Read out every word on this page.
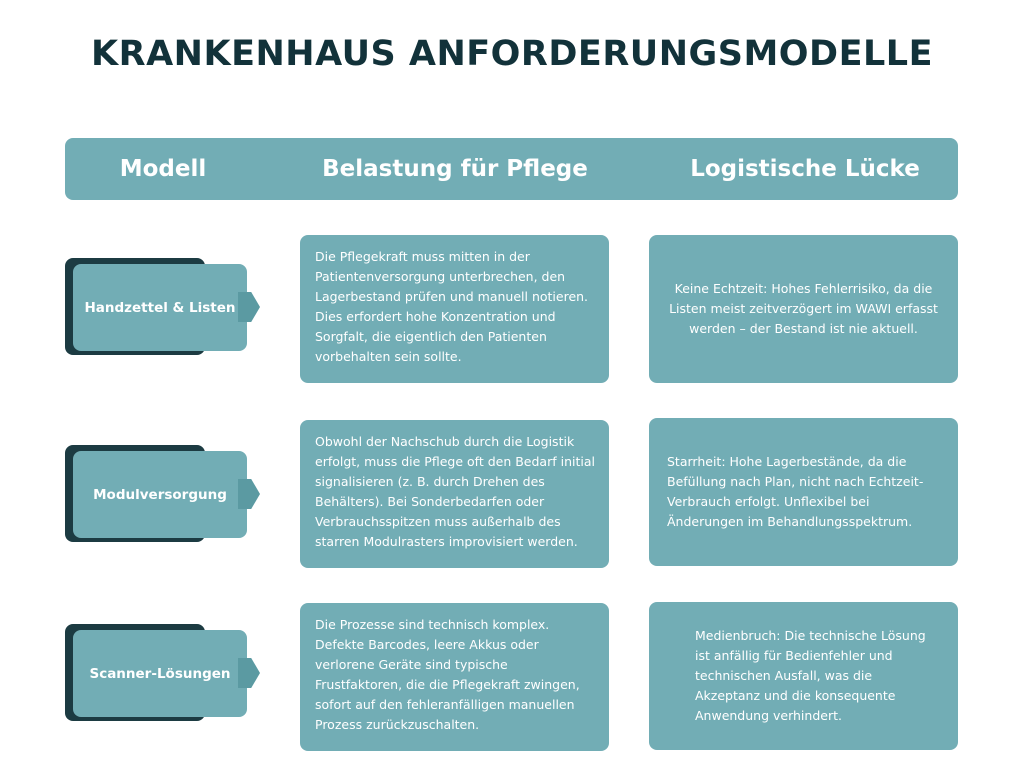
KRANKENHAUS ANFORDERUNGSMODELLE
Modell	Belastung für Pflege	Logistische Lücke
Handzettel & Listen
Die Pflegekraft muss mitten in der Patientenversorgung unterbrechen, den Lagerbestand prüfen und manuell notieren. Dies erfordert hohe Konzentration und Sorgfalt, die eigentlich den Patienten vorbehalten sein sollte.
Keine Echtzeit: Hohes Fehlerrisiko, da die Listen meist zeitverzögert im WAWI erfasst werden – der Bestand ist nie aktuell.
Modulversorgung
Obwohl der Nachschub durch die Logistik erfolgt, muss die Pflege oft den Bedarf initial signalisieren (z. B. durch Drehen des Behälters). Bei Sonderbedarfen oder Verbrauchsspitzen muss außerhalb des starren Modulrasters improvisiert werden.
Starrheit: Hohe Lagerbestände, da die Befüllung nach Plan, nicht nach Echtzeit-Verbrauch erfolgt. Unflexibel bei Änderungen im Behandlungsspektrum.
Scanner-Lösungen
Die Prozesse sind technisch komplex. Defekte Barcodes, leere Akkus oder verlorene Geräte sind typische Frustfaktoren, die die Pflegekraft zwingen, sofort auf den fehleranfälligen manuellen Prozess zurückzuschalten.
Medienbruch: Die technische Lösung ist anfällig für Bedienfehler und technischen Ausfall, was die Akzeptanz und die konsequente Anwendung verhindert.
